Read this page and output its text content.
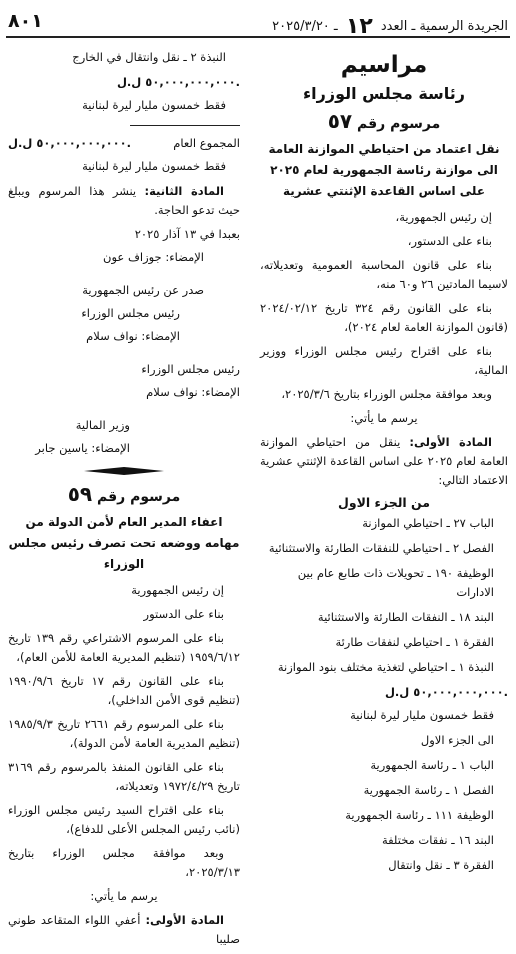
الجريدة الرسمية ـ العدد ١٢ ـ ٢٠٢٥/٣/٢٠
٨٠١
مراسيم
رئاسة مجلس الوزراء
مرسوم رقم ٥٧
نقل اعتماد من احتياطي الموازنة العامة الى موازنة رئاسة الجمهورية لعام ٢٠٢٥ على اساس القاعدة الإثنتي عشرية

إن رئيس الجمهورية،

بناء على الدستور،

بناء على قانون المحاسبة العمومية وتعديلاته، لاسيما المادتين ٢٦ و٦٠ منه،

بناء على القانون رقم ٣٢٤ تاريخ ٢٠٢٤/٠٢/١٢ (قانون الموازنة العامة لعام ٢٠٢٤)،

بناء على اقتراح رئيس مجلس الوزراء ووزير المالية،

وبعد موافقة مجلس الوزراء بتاريخ ٢٠٢٥/٣/٦،

يرسم ما يأتي:

المادة الأولى: ينقل من احتياطي الموازنة العامة لعام ٢٠٢٥ على اساس القاعدة الإثنتي عشرية الاعتماد التالي:

من الجزء الاول
الباب ٢٧ ـ احتياطي الموازنة
الفصل ٢ ـ احتياطي للنفقات الطارئة والاستثنائية
الوظيفة ١٩٠ ـ تحويلات ذات طابع عام بين الادارات
البند ١٨ ـ النفقات الطارئة والاستثنائية
الفقرة ١ ـ احتياطي لنفقات طارئة
النبذة ١ ـ احتياطي لتغذية مختلف بنود الموازنة
٥٠,٠٠٠,٠٠٠,٠٠٠ ل.ل.
فقط خمسون مليار ليرة لبنانية
الى الجزء الاول
الباب ١ ـ رئاسة الجمهورية
الفصل ١ ـ رئاسة الجمهورية
الوظيفة ١١١ ـ رئاسة الجمهورية
البند ١٦ ـ نفقات مختلفة
الفقرة ٣ ـ نقل وانتقال
النبذة ٢ ـ نقل وانتقال في الخارج
٥٠,٠٠٠,٠٠٠,٠٠٠ ل.ل.
فقط خمسون مليار ليرة لبنانية
المجموع العام
٥٠,٠٠٠,٠٠٠,٠٠٠ ل.ل.
فقط خمسون مليار ليرة لبنانية

المادة الثانية: ينشر هذا المرسوم ويبلغ حيث تدعو الحاجة.

بعبدا في ١٣ آذار ٢٠٢٥
الإمضاء: جوزاف عون
صدر عن رئيس الجمهورية
رئيس مجلس الوزراء
الإمضاء: نواف سلام
رئيس مجلس الوزراء
الإمضاء: نواف سلام
وزير المالية
الإمضاء: ياسين جابر
مرسوم رقم ٥٩
اعفاء المدير العام لأمن الدولة من مهامه ووضعه تحت تصرف رئيس مجلس الوزراء

إن رئيس الجمهورية

بناء على الدستور

بناء على المرسوم الاشتراعي رقم ١٣٩ تاريخ ١٩٥٩/٦/١٢ (تنظيم المديرية العامة للأمن العام)،

بناء على القانون رقم ١٧ تاريخ ١٩٩٠/٩/٦ (تنظيم قوى الأمن الداخلي)،

بناء على المرسوم رقم ٢٦٦١ تاريخ ١٩٨٥/٩/٣ (تنظيم المديرية العامة لأمن الدولة)،

بناء على القانون المنفذ بالمرسوم رقم ٣١٦٩ تاريخ ١٩٧٢/٤/٢٩ وتعديلاته،

بناء على اقتراح السيد رئيس مجلس الوزراء (نائب رئيس المجلس الأعلى للدفاع)،

وبعد موافقة مجلس الوزراء بتاريخ ٢٠٢٥/٣/١٣،

يرسم ما يأتي:

المادة الأولى: أعفي اللواء المتقاعد طوني صليبا
